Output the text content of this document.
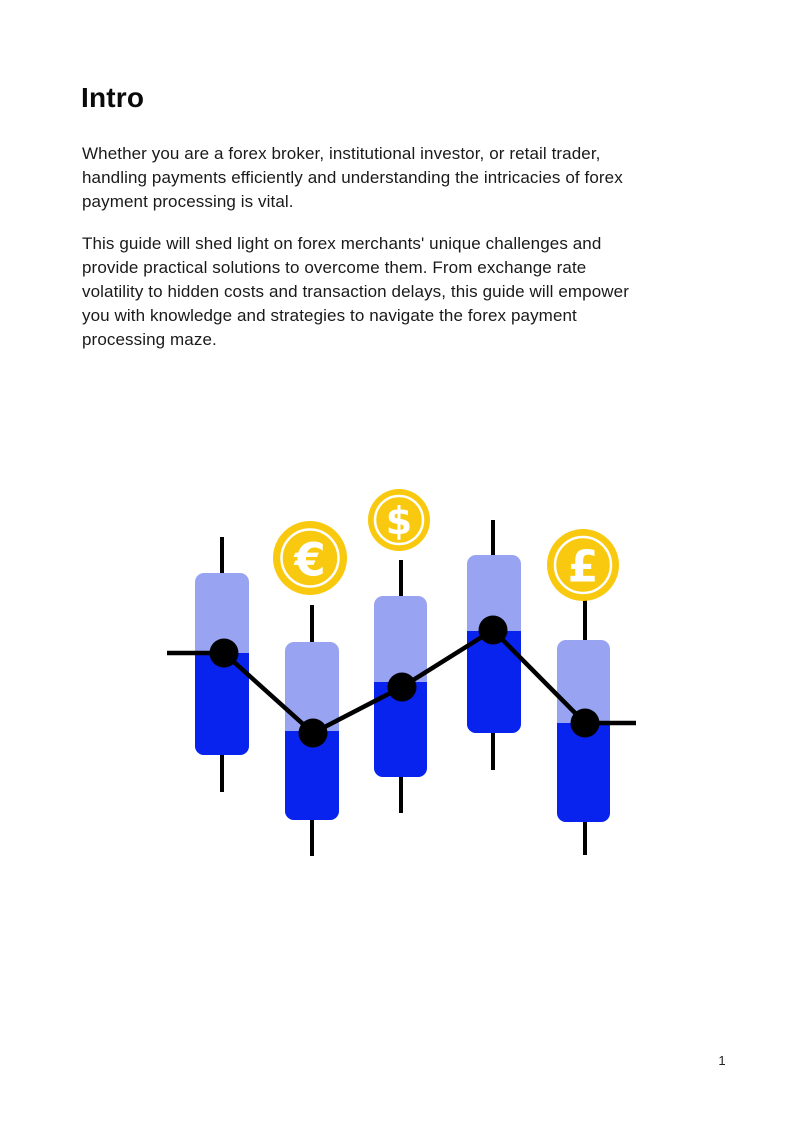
Intro
Whether you are a forex broker, institutional investor, or retail trader,
handling payments efficiently and understanding the intricacies of forex
payment processing is vital.
This guide will shed light on forex merchants' unique challenges and
provide practical solutions to overcome them. From exchange rate
volatility to hidden costs and transaction delays, this guide will empower
you with knowledge and strategies to navigate the forex payment
processing maze.
€
$
£
1
